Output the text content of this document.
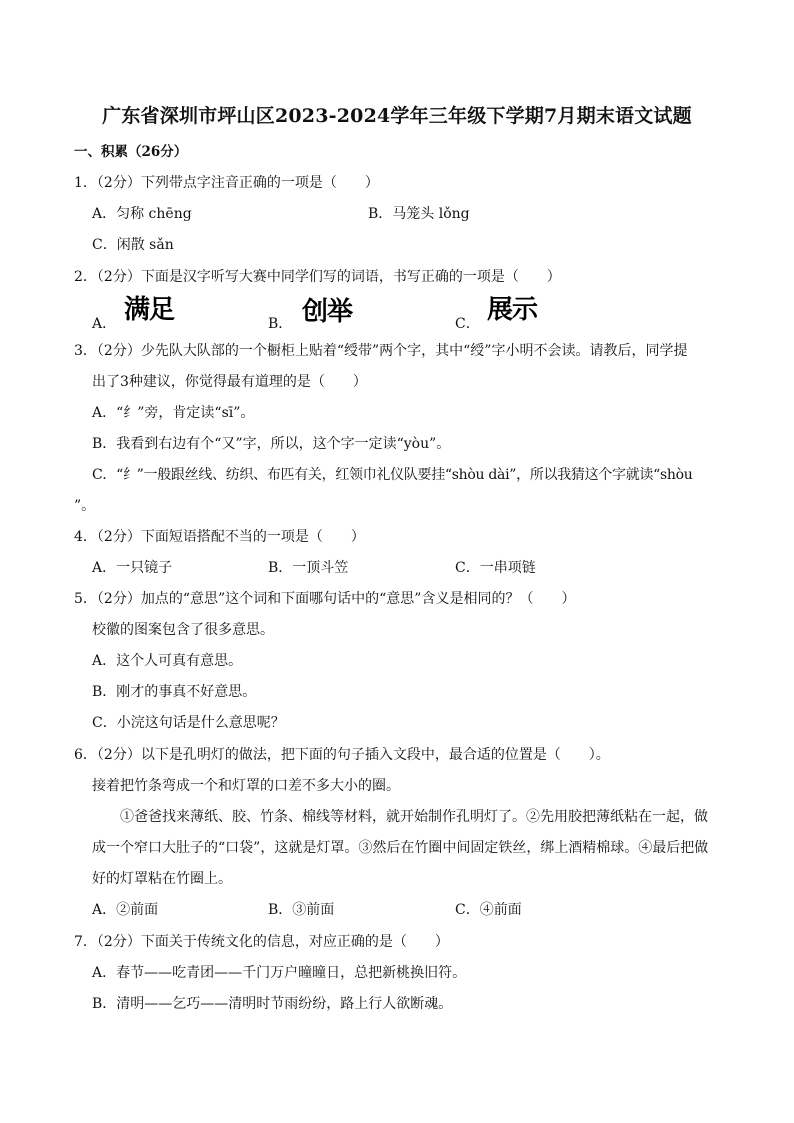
广东省深圳市坪山区2023-2024学年三年级下学期7月期末语文试题
一、积累（26分）
1．（2分）下列带点字注音正确的一项是（　　）
A．匀称 chēng	B．马笼头 lǒng
C．闲散 sǎn
2．（2分）下面是汉字听写大赛中同学们写的词语，书写正确的一项是（　　）
A． 满足	B． 创举	C． 展示
3．（2分）少先队大队部的一个橱柜上贴着“绶带”两个字，其中“绶”字小明不会读。请教后，同学提
出了3种建议，你觉得最有道理的是（　　）
A．“纟”旁，肯定读“sī”。
B．我看到右边有个“又”字，所以，这个字一定读“yòu”。
C．“纟”一般跟丝线、纺织、布匹有关，红领巾礼仪队要挂“shòu dài”，所以我猜这个字就读“shòu
”。
4．（2分）下面短语搭配不当的一项是（　　）
A．一只镜子	B．一顶斗笠	C．一串项链
5．（2分）加点的“意思”这个词和下面哪句话中的“意思”含义是相同的？（　　）
校徽的图案包含了很多意思。
A．这个人可真有意思。
B．刚才的事真不好意思。
C．小浣这句话是什么意思呢？
6．（2分）以下是孔明灯的做法，把下面的句子插入文段中，最合适的位置是（　　）。
接着把竹条弯成一个和灯罩的口差不多大小的圈。
①爸爸找来薄纸、胶、竹条、棉线等材料，就开始制作孔明灯了。②先用胶把薄纸粘在一起，做
成一个窄口大肚子的“口袋”，这就是灯罩。③然后在竹圈中间固定铁丝，绑上酒精棉球。④最后把做
好的灯罩粘在竹圈上。
A．②前面	B．③前面	C．④前面
7．（2分）下面关于传统文化的信息，对应正确的是（　　）
A．春节——吃青团——千门万户曈曈日，总把新桃换旧符。
B．清明——乞巧——清明时节雨纷纷，路上行人欲断魂。
